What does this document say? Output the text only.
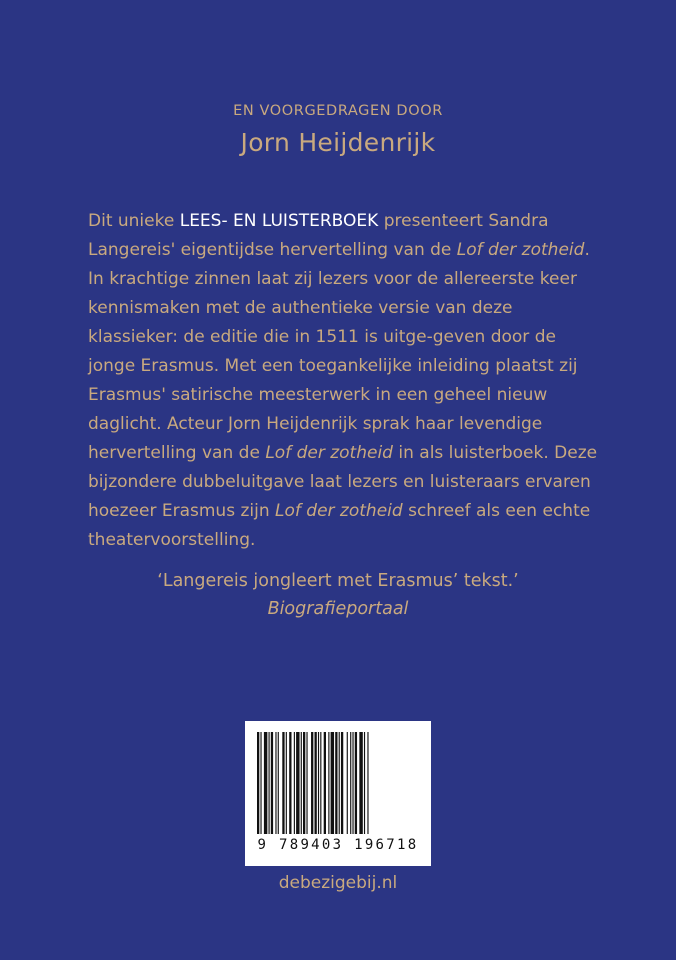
EN VOORGEDRAGEN DOOR
Jorn Heijdenrijk

Dit unieke LEES- EN LUISTERBOEK presenteert Sandra Langereis' eigentijdse hervertelling van de Lof der zotheid. In krachtige zinnen laat zij lezers voor de allereerste keer kennismaken met de authentieke versie van deze klassieker: de editie die in 1511 is uitge-geven door de jonge Erasmus. Met een toegankelijke inleiding plaatst zij Erasmus' satirische meesterwerk in een geheel nieuw daglicht. Acteur Jorn Heijdenrijk sprak haar levendige hervertelling van de Lof der zotheid in als luisterboek. Deze bijzondere dubbeluitgave laat lezers en luisteraars ervaren hoezeer Erasmus zijn Lof der zotheid schreef als een echte theatervoorstelling.

‘Langereis jongleert met Erasmus’ tekst.’
Biografieportaal
9 789403 196718
debezigebij.nl
